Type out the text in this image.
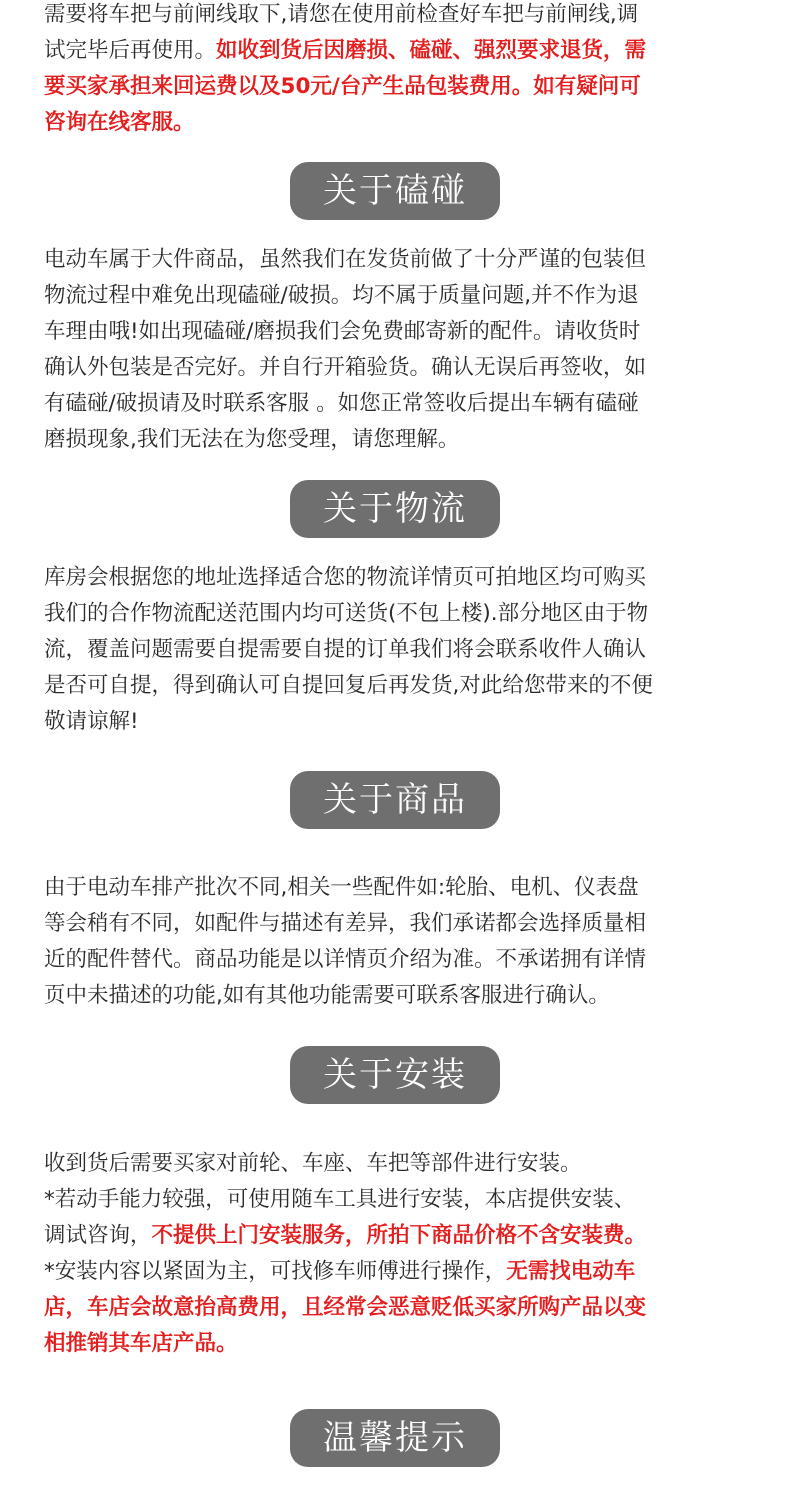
需要将车把与前闸线取下,请您在使用前检查好车把与前闸线,调
试完毕后再使用。如收到货后因磨损、磕碰、强烈要求退货，需
要买家承担来回运费以及50元/台产生品包装费用。如有疑问可
咨询在线客服。
关于磕碰
电动车属于大件商品，虽然我们在发货前做了十分严谨的包装但
物流过程中难免出现磕碰/破损。均不属于质量问题,并不作为退
车理由哦!如出现磕碰/磨损我们会免费邮寄新的配件。请收货时
确认外包装是否完好。并自行开箱验货。确认无误后再签收，如
有磕碰/破损请及时联系客服 。如您正常签收后提出车辆有磕碰
磨损现象,我们无法在为您受理，请您理解。
关于物流
库房会根据您的地址选择适合您的物流详情页可拍地区均可购买
我们的合作物流配送范围内均可送货(不包上楼).部分地区由于物
流，覆盖问题需要自提需要自提的订单我们将会联系收件人确认
是否可自提，得到确认可自提回复后再发货,对此给您带来的不便
敬请谅解!
关于商品
由于电动车排产批次不同,相关一些配件如:轮胎、电机、仪表盘
等会稍有不同，如配件与描述有差异，我们承诺都会选择质量相
近的配件替代。商品功能是以详情页介绍为准。不承诺拥有详情
页中未描述的功能,如有其他功能需要可联系客服进行确认。
关于安装
收到货后需要买家对前轮、车座、车把等部件进行安装。
*若动手能力较强，可使用随车工具进行安装，本店提供安装、
调试咨询，不提供上门安装服务，所拍下商品价格不含安装费。
*安装内容以紧固为主，可找修车师傅进行操作，无需找电动车
店，车店会故意抬高费用，且经常会恶意贬低买家所购产品以变
相推销其车店产品。
温馨提示
